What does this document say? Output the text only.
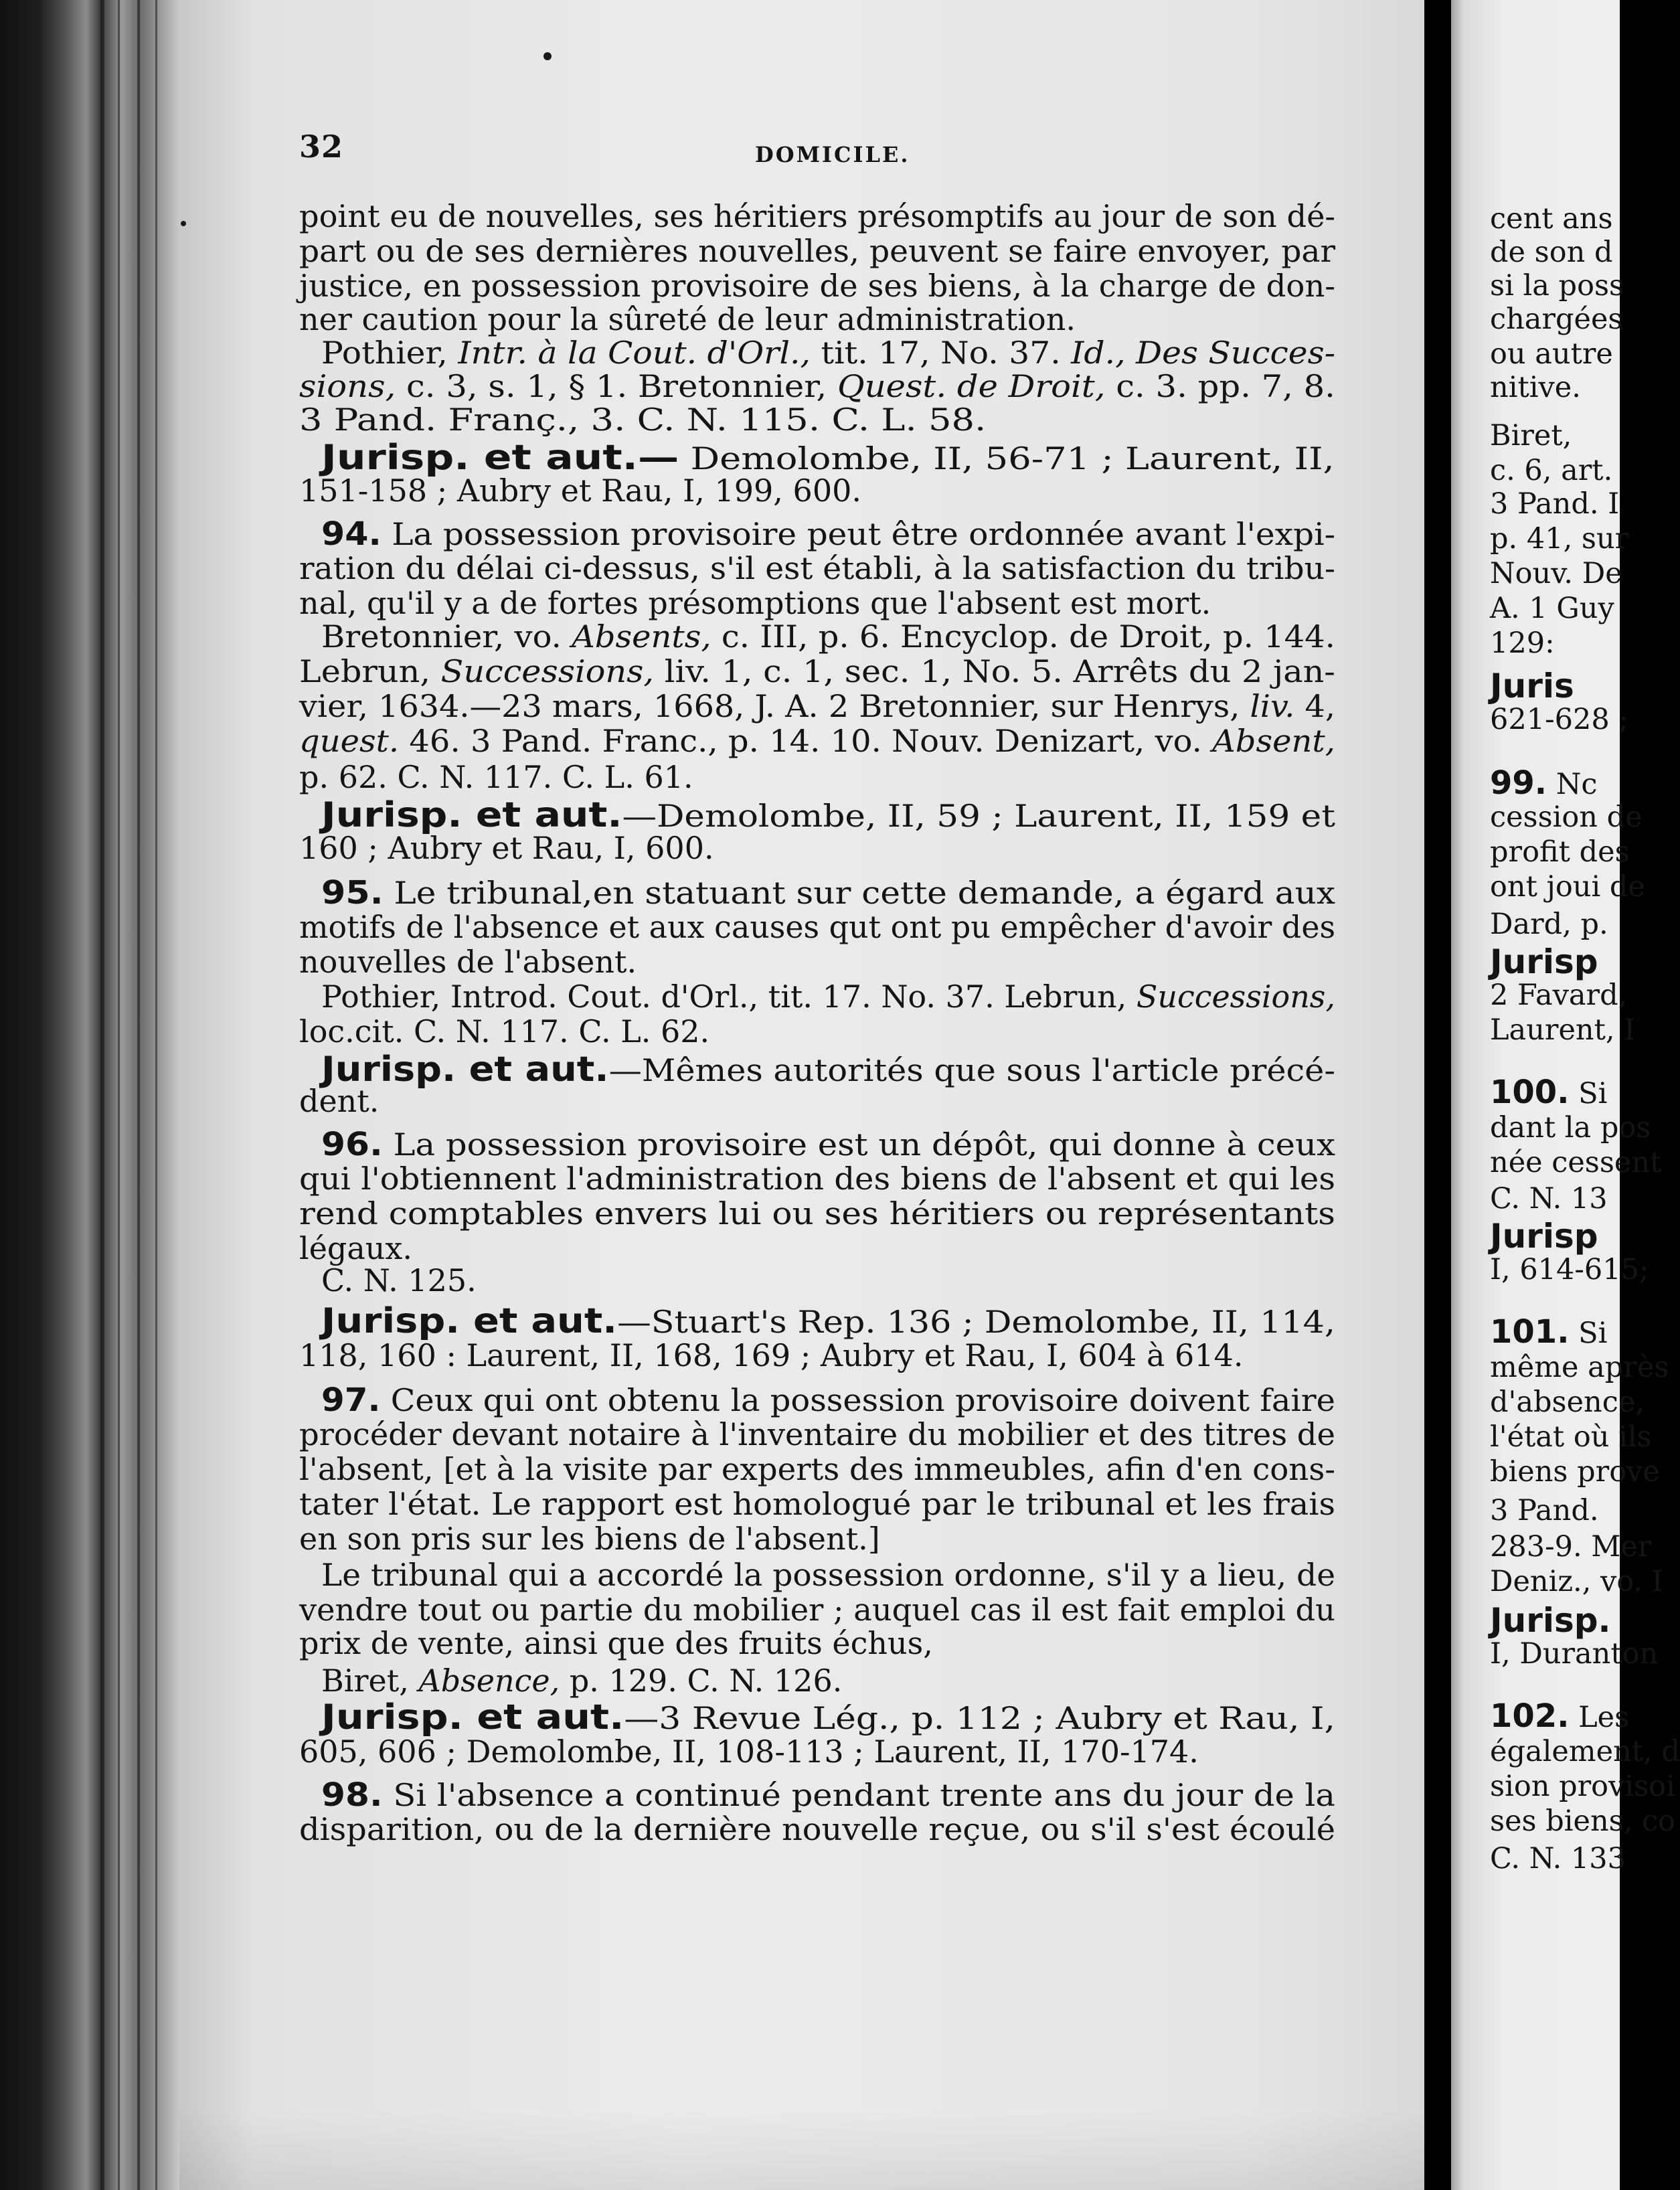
32	DOMICILE.
point eu de nouvelles, ses héritiers présomptifs au jour de son dé-
part ou de ses dernières nouvelles, peuvent se faire envoyer, par
justice, en possession provisoire de ses biens, à la charge de don-
ner caution pour la sûreté de leur administration.
Pothier, Intr. à la Cout. d'Orl., tit. 17, No. 37. Id., Des Succes-
sions, c. 3, s. 1, § 1. Bretonnier, Quest. de Droit, c. 3. pp. 7, 8.
3 Pand. Franç., 3. C. N. 115. C. L. 58.
Jurisp. et aut.— Demolombe, II, 56-71 ; Laurent, II,
151-158 ; Aubry et Rau, I, 199, 600.
94. La possession provisoire peut être ordonnée avant l'expi-
ration du délai ci-dessus, s'il est établi, à la satisfaction du tribu-
nal, qu'il y a de fortes présomptions que l'absent est mort.
Bretonnier, vo. Absents, c. III, p. 6. Encyclop. de Droit, p. 144.
Lebrun, Successions, liv. 1, c. 1, sec. 1, No. 5. Arrêts du 2 jan-
vier, 1634.—23 mars, 1668, J. A. 2 Bretonnier, sur Henrys, liv. 4,
quest. 46. 3 Pand. Franc., p. 14. 10. Nouv. Denizart, vo. Absent,
p. 62. C. N. 117. C. L. 61.
Jurisp. et aut.—Demolombe, II, 59 ; Laurent, II, 159 et
160 ; Aubry et Rau, I, 600.
95. Le tribunal,en statuant sur cette demande, a égard aux
motifs de l'absence et aux causes qut ont pu empêcher d'avoir des
nouvelles de l'absent.
Pothier, Introd. Cout. d'Orl., tit. 17. No. 37. Lebrun, Successions,
loc.cit. C. N. 117. C. L. 62.
Jurisp. et aut.—Mêmes autorités que sous l'article précé-
dent.
96. La possession provisoire est un dépôt, qui donne à ceux
qui l'obtiennent l'administration des biens de l'absent et qui les
rend comptables envers lui ou ses héritiers ou représentants
légaux.
C. N. 125.
Jurisp. et aut.—Stuart's Rep. 136 ; Demolombe, II, 114,
118, 160 : Laurent, II, 168, 169 ; Aubry et Rau, I, 604 à 614.
97. Ceux qui ont obtenu la possession provisoire doivent faire
procéder devant notaire à l'inventaire du mobilier et des titres de
l'absent, [et à la visite par experts des immeubles, afin d'en cons-
tater l'état. Le rapport est homologué par le tribunal et les frais
en son pris sur les biens de l'absent.]
Le tribunal qui a accordé la possession ordonne, s'il y a lieu, de
vendre tout ou partie du mobilier ; auquel cas il est fait emploi du
prix de vente, ainsi que des fruits échus,
Biret, Absence, p. 129. C. N. 126.
Jurisp. et aut.—3 Revue Lég., p. 112 ; Aubry et Rau, I,
605, 606 ; Demolombe, II, 108-113 ; Laurent, II, 170-174.
98. Si l'absence a continué pendant trente ans du jour de la
disparition, ou de la dernière nouvelle reçue, ou s'il s'est écoulé
cent ans
de son d
si la poss
chargées
ou autre
nitive.
Biret,
c. 6, art.
3 Pand. I
p. 41, sur
Nouv. De
A. 1 Guy
129:
Juris
621-628 ;
99. Nc
cession de
profit des
ont joui de
Dard, p.
Jurisp
2 Favard,
Laurent, I
100. Si
dant la pos
née cessent
C. N. 13
Jurisp
I, 614-615;
101. Si
même après
d'absence,
l'état où ils
biens prove
3 Pand.
283-9. Mer
Deniz., vo. I
Jurisp.
I, Duranton
102. Les
également, d
sion provisoi
ses biens, co
C. N. 133
